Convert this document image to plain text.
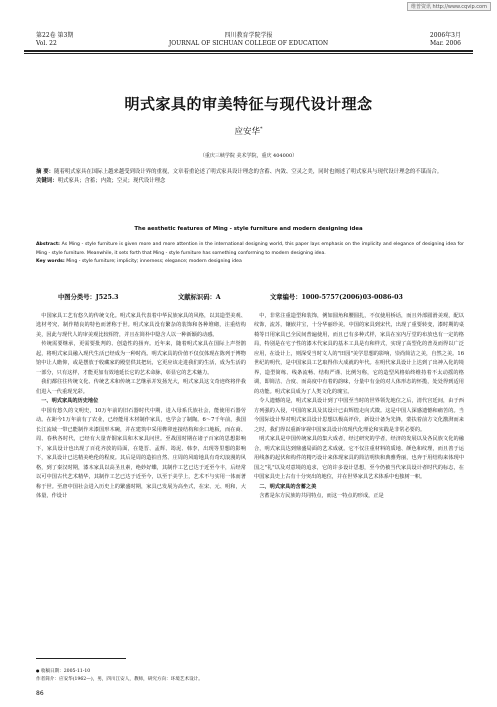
维普资讯 http://www.cqvip.com
第22卷 第3期
Vol. 22
四川教育学院学报
JOURNAL OF SICHUAN COLLEGE OF EDUCATION
2006年3月
Mar. 2006
明式家具的审美特征与现代设计理念
应安华*
（重庆三峡学院 美术学院，重庆 404000）
摘 要：随着明式家具在国际上越来越受到设计界的重视，文章着重论述了明式家具设计理念的含蓄、内敛、空灵之美，同时也阐述了明式家具与现代设计理念的不谋而合。
关键词：明式家具；含蓄；内敛；空灵；现代设计理念
The aesthetic features of Ming - style furniture and modern designing idea
Abstract: As Ming - style furniture is given more and more attention in the international designing world, this paper lays emphasis on the implicity and elegance of designing idea for Ming - style furniture. Meanwhile, it sets forth that Ming - style furniture has something conforming to modern designing idea.
Key words: Ming - style furniture; implicity; innerness; elegance; modern designing idea
中图分类号：J525.3	文献标识码：A	文章编号：1000-5757(2006)03-0086-03

中国家具工艺有悠久的传统文化。明式家具代表着中华民族家具的风格，以其造型美观、选材考究、制作精良的特色而著称于世。明式家具没有繁杂的装饰和各种堆砌，注重结构美，因此与现代人的审美观比较相符，并且在简朴中隐含人以一种新颖的动感。

传统需要继承，更需要批判的、创造性的扬弃。近年来，随着明式家具在国际上声誉鹊起，将明式家具融入现代生活已经成为一种时尚。明式家具的价值不仅仅体现在陈列于博物馆中让人瞻仰，或是摆放于收藏家的殿堂供其把玩，它更应该走进我们的生活，成为生活的一部分，只有这样，才能更加有效地延长它的艺术命脉，彰显它的艺术魅力。

我们都往往传统文化、传统艺术和传统工艺继承并发扬光大，明式家具这文奇迹终将伴我们进入一代重现光彩。

一、明式家具的历史地位

中国有悠久的文明史，10万年前的旧石器时代中期，进入母系氏族社会，能使用石器劳动。在距今1万年前有了农业，已经能用木材制作家具，也学会了制陶。6～7千年前，我国长江流域一带已能制作未漆国形木碗，并在建筑中采用榫卯连接结构和企口地板，而在商、周、春秋各时代，已经有大量青铜家具和木家具问世。至战国时期在诸子百家的思想影响下，家具设计也出现了百花齐放的局面，在楚晋、孟辉、筠泥、韩李，出现等里想的影响下，家具设计已达精美绝伦的程度。其后是周的造拍自然、庄周的风暗地具有奇幻浪漫的风格，到了秦汉时期，漆木家具以高圣且素，绝妙好蝶，其制作工艺已达于近至今丰，后经常以可中国古代艺术精华，其制作工艺已达于近至今，以至于美学上，艺术不与实用一体而著称于世。至唐中国社会进入历史上的繁盛时期，家具已发展为高坐式，在宋、元、明和，大体量，作设计

中，非常注重造型和装饰，例如圆角和腰圆扎，不仅使用桥话，而且外部圆滑美观，配以纹饰，流苏，镶嵌并宝，十分华丽珍美。中国的家具到宋代，出现了重要转变，漆时期的桌椅等日用家具已全民间普遍使用，而且已有多种式样，家具在室内厅堂的布放也有一定的格局，特别是在宅子性的漆木代家具的基本工具是有和样式，实现了高型化的普及而得以广泛应用，在设计上，则深受当时文人的"田园"美学思想的影响，崇尚简洁之美，自然之美。16世纪的明代，是中国家具工艺取得伟大成就的年代。在明代家具设计上达到了出神入化的境界，造型简练、线条流畅、结构严谨、比例匀称，它的造型风格始终维持着不太动摇的格调，即简洁、合度、而高度中有着的韵味，分量中有金的对人体形态的怀揽，处处得到适用的功能。明式家具成为了人类文化的瑰宝。

令人遗憾的是，明式家具设计到了中国至当时的世界领先地位之后，清代宫廷间，由于西方列强的入侵，中国的家具及其设计已由辉煌走向式微。这是中国人深感遗憾和痛苦的。当今国际设计界对明式家具设计思想以极高评价，新设计备为先锋，蒙扶着前方文化激湃而来之时，我们得以重新审视中国家具设计的现代化理论和实践是非常必要的。

明式家具是中国传统家具的集大成者，经过研究的学者，经济的发展以及各民族文化的融合，明式家具达到鼎盛局面的艺术成就。它不仅注重材料的质地、颜色和纹理，而且善于运用线条的起伏和构件的精巧设计来体现家具的简洁明快和典雅秀丽，也奔于用结构来体现中国之"礼"以及对意境的追求，它的许多设计思想，至今仍被当代家具设计者时代的标志，在中国家具史上古有十分突出的地位，并在世界家具艺术体系中也独树一帜。

二、明式家具的含蓄之美

含蓄是东方民族的共同特点，而这一特点的形成，正是

● 收稿日期：2005-11-10
作者简介：应安华(1962—)，男，四川江安人，教师，研究方向：环境艺术设计。
86
